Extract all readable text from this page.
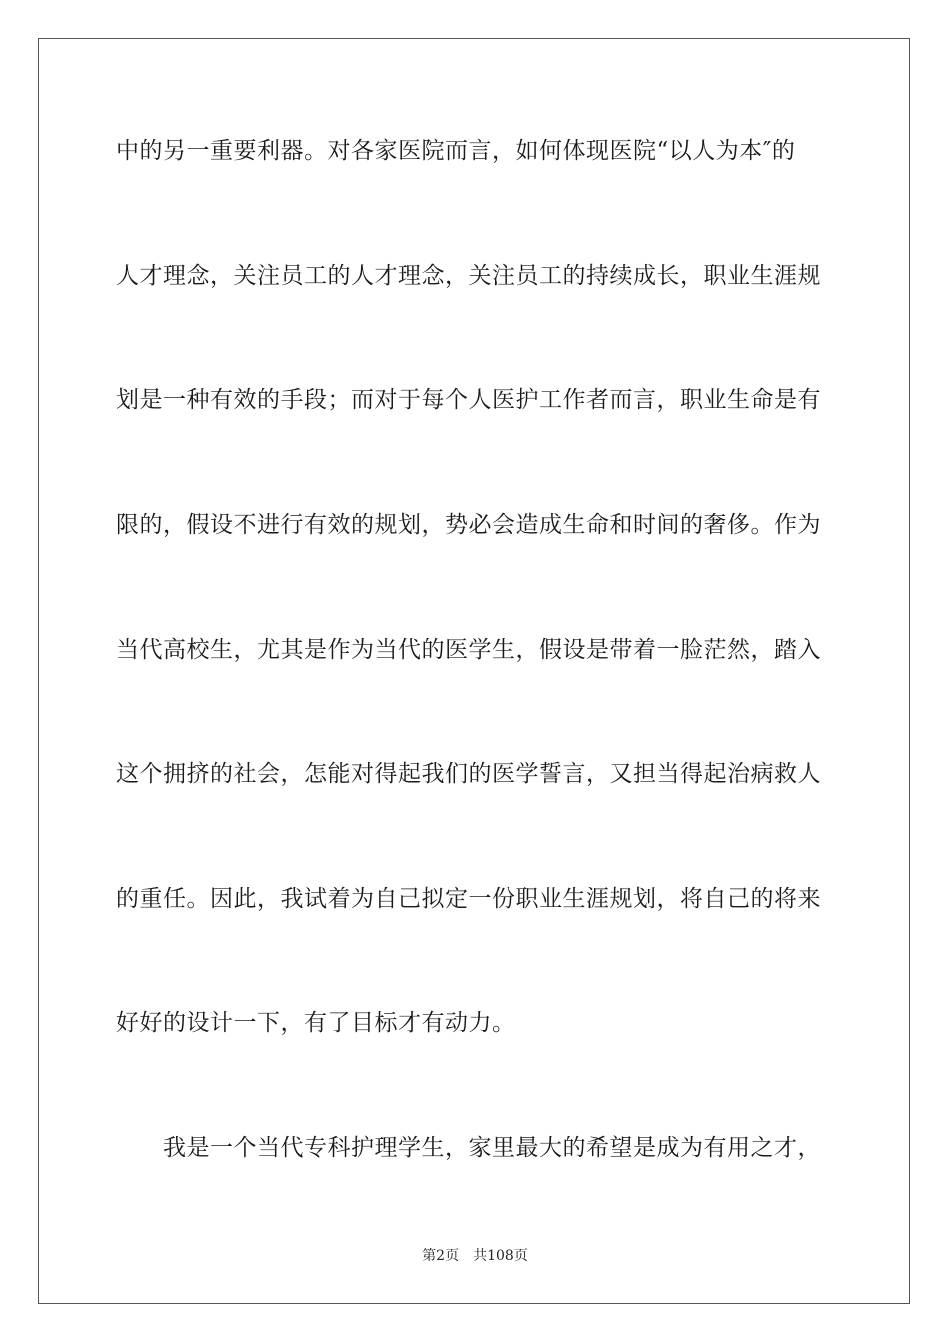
中的另一重要利器。对各家医院而言，如何体现医院“以人为本″的
人才理念，关注员工的人才理念，关注员工的持续成长，职业生涯规
划是一种有效的手段；而对于每个人医护工作者而言，职业生命是有
限的，假设不进行有效的规划，势必会造成生命和时间的奢侈。作为
当代高校生，尤其是作为当代的医学生，假设是带着一脸茫然，踏入
这个拥挤的社会，怎能对得起我们的医学誓言，又担当得起治病救人
的重任。因此，我试着为自己拟定一份职业生涯规划，将自己的将来
好好的设计一下，有了目标才有动力。
我是一个当代专科护理学生，家里最大的希望是成为有用之才，
第2页 共108页
